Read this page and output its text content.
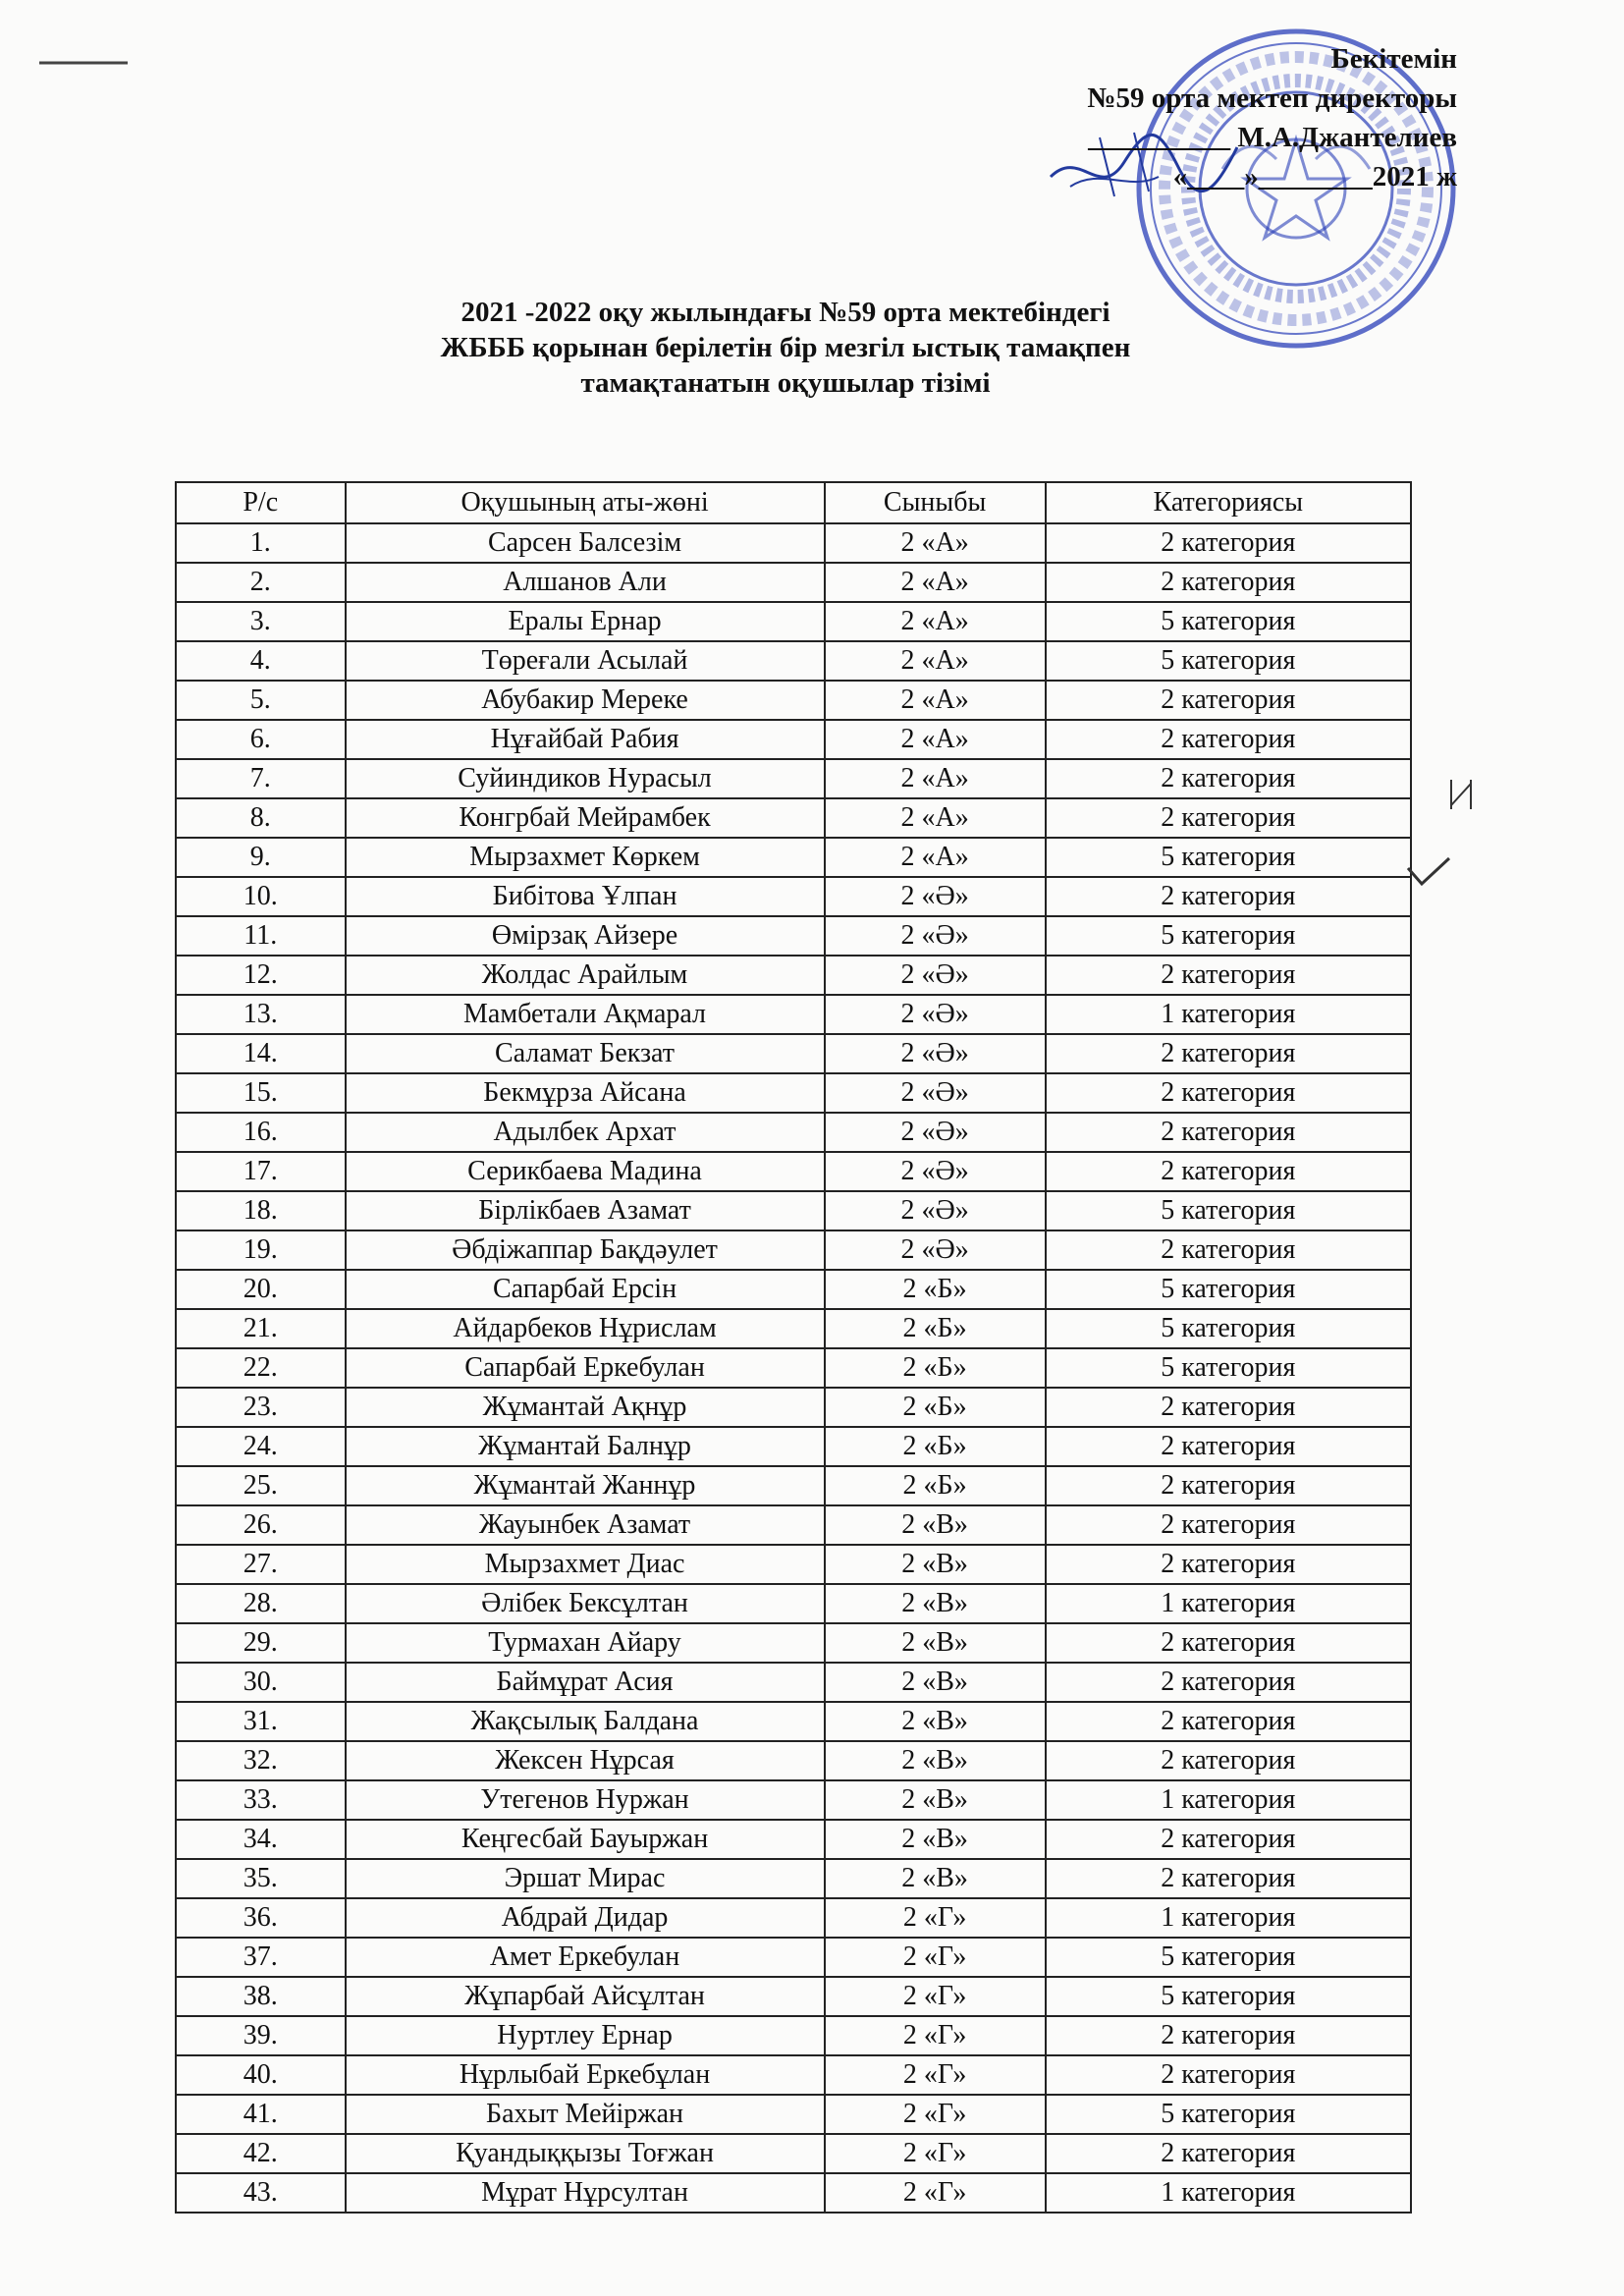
Бекітемін
№59 орта мектеп директоры
__________ М.А.Джантелиев
«____»________2021 ж
2021 -2022 оқу жылындағы №59 орта мектебіндегі
ЖБББ қорынан берілетін бір мезгіл ыстық тамақпен
тамақтанатын оқушылар тізімі
Р/с	Оқушының аты-жөні	Сыныбы	Категориясы
1.	Сарсен Балсезім	2 «А»	2 категория
2.	Алшанов Али	2 «А»	2 категория
3.	Ералы Ернар	2 «А»	5 категория
4.	Төреғали Асылай	2 «А»	5 категория
5.	Абубакир Мереке	2 «А»	2 категория
6.	Нұғайбай Рабия	2 «А»	2 категория
7.	Суйиндиков Нурасыл	2 «А»	2 категория
8.	Конгрбай Мейрамбек	2 «А»	2 категория
9.	Мырзахмет Көркем	2 «А»	5 категория
10.	Бибітова Ұлпан	2 «Ә»	2 категория
11.	Өмірзақ Айзере	2 «Ә»	5 категория
12.	Жолдас Арайлым	2 «Ә»	2 категория
13.	Мамбетали Ақмарал	2 «Ә»	1 категория
14.	Саламат Бекзат	2 «Ә»	2 категория
15.	Бекмұрза Айсана	2 «Ә»	2 категория
16.	Адылбек Архат	2 «Ә»	2 категория
17.	Серикбаева Мадина	2 «Ә»	2 категория
18.	Бірлікбаев Азамат	2 «Ә»	5 категория
19.	Әбдіжаппар Бақдәулет	2 «Ә»	2 категория
20.	Сапарбай Ерсін	2 «Б»	5 категория
21.	Айдарбеков Нұрислам	2 «Б»	5 категория
22.	Сапарбай Еркебулан	2 «Б»	5 категория
23.	Жұмантай Ақнұр	2 «Б»	2 категория
24.	Жұмантай Балнұр	2 «Б»	2 категория
25.	Жұмантай Жаннұр	2 «Б»	2 категория
26.	Жауынбек Азамат	2 «В»	2 категория
27.	Мырзахмет Диас	2 «В»	2 категория
28.	Әлібек Бексұлтан	2 «В»	1 категория
29.	Турмахан Айару	2 «В»	2 категория
30.	Баймұрат Асия	2 «В»	2 категория
31.	Жақсылық Балдана	2 «В»	2 категория
32.	Жексен Нұрсая	2 «В»	2 категория
33.	Утегенов Нуржан	2 «В»	1 категория
34.	Кеңгесбай Бауыржан	2 «В»	2 категория
35.	Эршат Мирас	2 «В»	2 категория
36.	Абдрай Дидар	2 «Г»	1 категория
37.	Амет Еркебулан	2 «Г»	5 категория
38.	Жұпарбай Айсұлтан	2 «Г»	5 категория
39.	Нуртлеу Ернар	2 «Г»	2 категория
40.	Нұрлыбай Еркебұлан	2 «Г»	2 категория
41.	Бахыт Мейіржан	2 «Г»	5 категория
42.	Қуандыққызы Тоғжан	2 «Г»	2 категория
43.	Мұрат Нұрсултан	2 «Г»	1 категория
